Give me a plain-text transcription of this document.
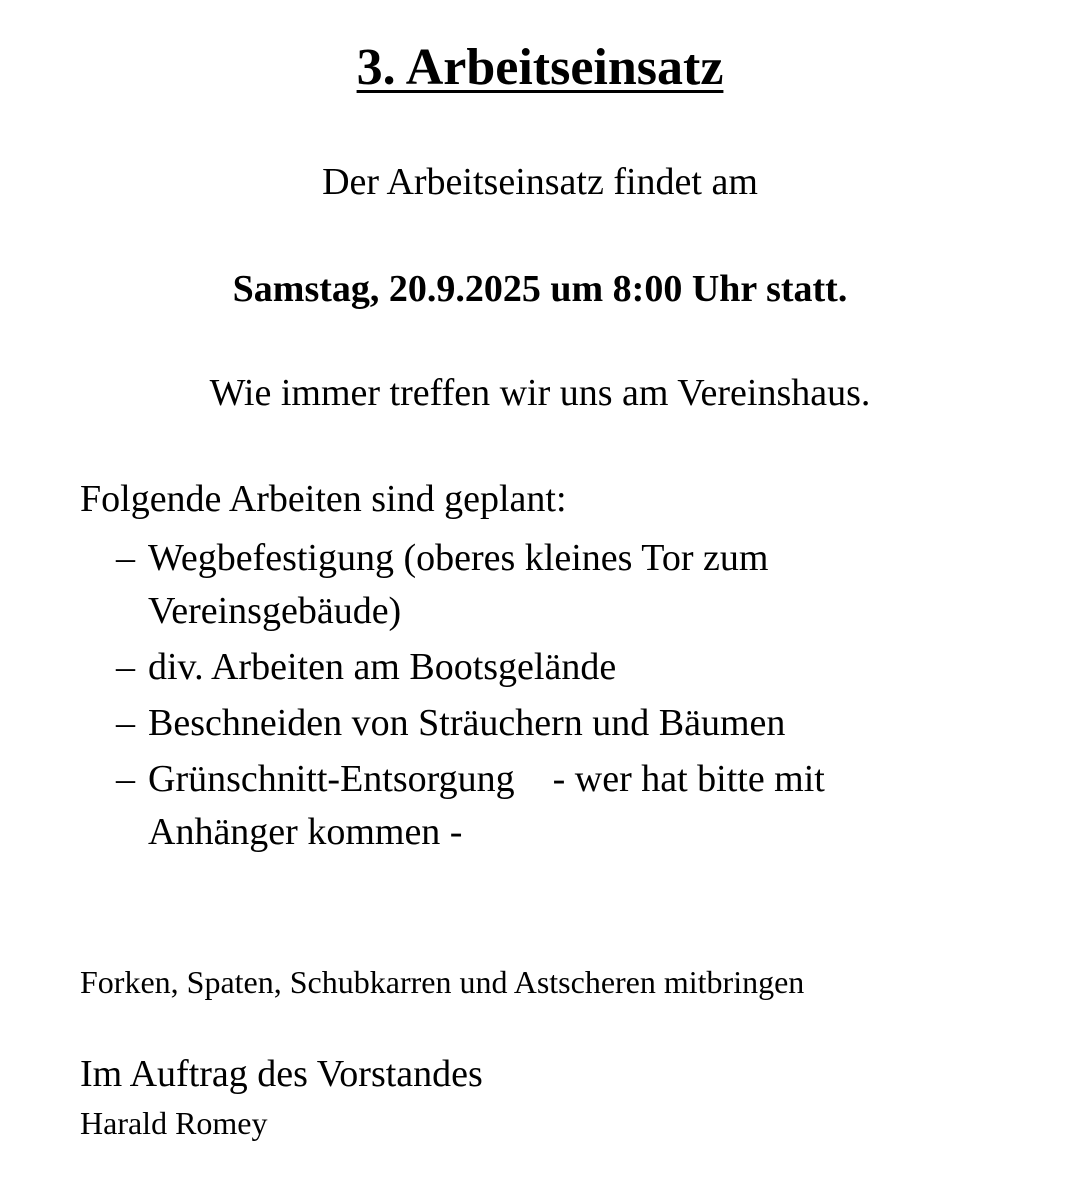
3. Arbeitseinsatz

Der Arbeitseinsatz findet am

Samstag, 20.9.2025 um 8:00 Uhr statt.

Wie immer treffen wir uns am Vereinshaus.

Folgende Arbeiten sind geplant:

– Wegbefestigung (oberes kleines Tor zum Vereinsgebäude)
– div. Arbeiten am Bootsgelände
– Beschneiden von Sträuchern und Bäumen
– Grünschnitt-Entsorgung    - wer hat bitte mit Anhänger kommen -

Forken, Spaten, Schubkarren und Astscheren mitbringen

Im Auftrag des Vorstandes

Harald Romey
